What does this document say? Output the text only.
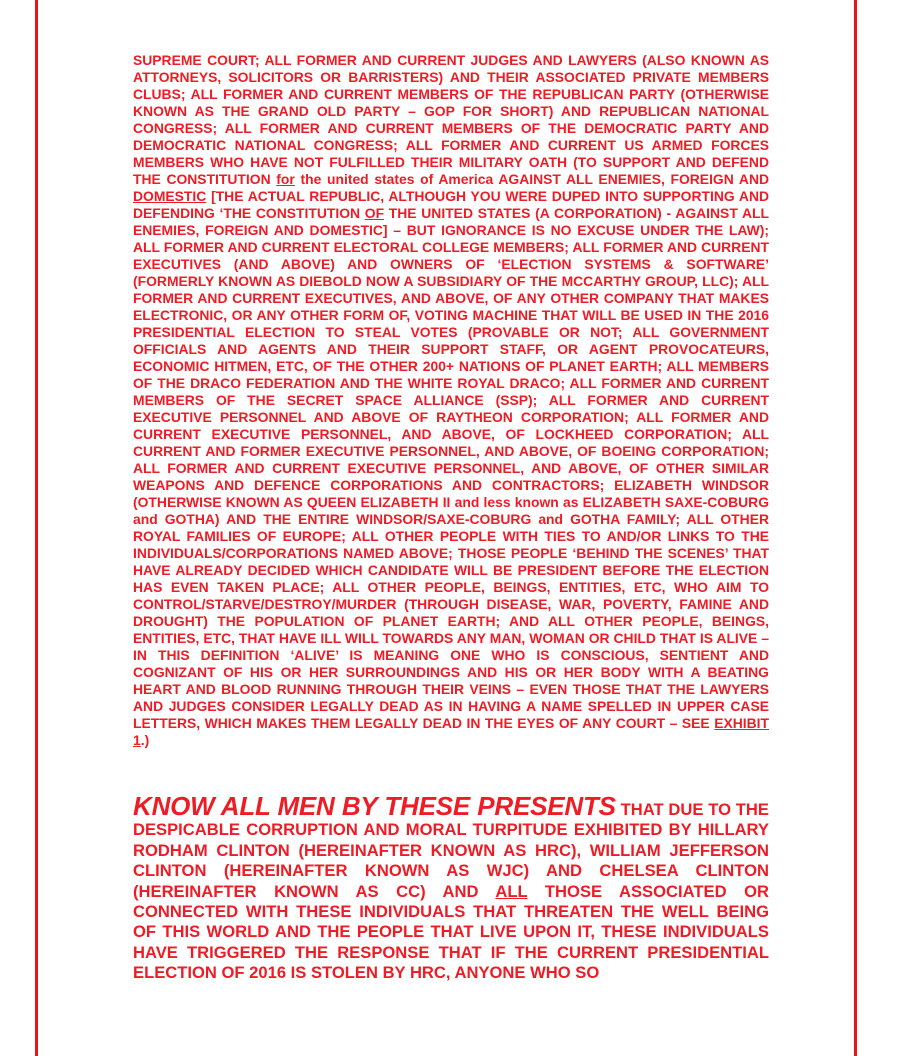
SUPREME COURT; ALL FORMER AND CURRENT JUDGES AND LAWYERS (ALSO KNOWN AS ATTORNEYS, SOLICITORS OR BARRISTERS) AND THEIR ASSOCIATED PRIVATE MEMBERS CLUBS; ALL FORMER AND CURRENT MEMBERS OF THE REPUBLICAN PARTY (OTHERWISE KNOWN AS THE GRAND OLD PARTY – GOP FOR SHORT) AND REPUBLICAN NATIONAL CONGRESS; ALL FORMER AND CURRENT MEMBERS OF THE DEMOCRATIC PARTY AND DEMOCRATIC NATIONAL CONGRESS; ALL FORMER AND CURRENT US ARMED FORCES MEMBERS WHO HAVE NOT FULFILLED THEIR MILITARY OATH (TO SUPPORT AND DEFEND THE CONSTITUTION for the united states of America AGAINST ALL ENEMIES, FOREIGN AND DOMESTIC [THE ACTUAL REPUBLIC, ALTHOUGH YOU WERE DUPED INTO SUPPORTING AND DEFENDING ‘THE CONSTITUTION OF THE UNITED STATES (A CORPORATION) - AGAINST ALL ENEMIES, FOREIGN AND DOMESTIC] – BUT IGNORANCE IS NO EXCUSE UNDER THE LAW); ALL FORMER AND CURRENT ELECTORAL COLLEGE MEMBERS; ALL FORMER AND CURRENT EXECUTIVES (AND ABOVE) AND OWNERS OF ‘ELECTION SYSTEMS & SOFTWARE’ (FORMERLY KNOWN AS DIEBOLD NOW A SUBSIDIARY OF THE MCCARTHY GROUP, LLC); ALL FORMER AND CURRENT EXECUTIVES, AND ABOVE, OF ANY OTHER COMPANY THAT MAKES ELECTRONIC, OR ANY OTHER FORM OF, VOTING MACHINE THAT WILL BE USED IN THE 2016 PRESIDENTIAL ELECTION TO STEAL VOTES (PROVABLE OR NOT; ALL GOVERNMENT OFFICIALS AND AGENTS AND THEIR SUPPORT STAFF, OR AGENT PROVOCATEURS, ECONOMIC HITMEN, ETC, OF THE OTHER 200+ NATIONS OF PLANET EARTH; ALL MEMBERS OF THE DRACO FEDERATION AND THE WHITE ROYAL DRACO; ALL FORMER AND CURRENT MEMBERS OF THE SECRET SPACE ALLIANCE (SSP); ALL FORMER AND CURRENT EXECUTIVE PERSONNEL AND ABOVE OF RAYTHEON CORPORATION; ALL FORMER AND CURRENT EXECUTIVE PERSONNEL, AND ABOVE, OF LOCKHEED CORPORATION; ALL CURRENT AND FORMER EXECUTIVE PERSONNEL, AND ABOVE, OF BOEING CORPORATION; ALL FORMER AND CURRENT EXECUTIVE PERSONNEL, AND ABOVE, OF OTHER SIMILAR WEAPONS AND DEFENCE CORPORATIONS AND CONTRACTORS; ELIZABETH WINDSOR (OTHERWISE KNOWN AS QUEEN ELIZABETH II and less known as ELIZABETH SAXE-COBURG and GOTHA) AND THE ENTIRE WINDSOR/SAXE-COBURG and GOTHA FAMILY; ALL OTHER ROYAL FAMILIES OF EUROPE; ALL OTHER PEOPLE WITH TIES TO AND/OR LINKS TO THE INDIVIDUALS/CORPORATIONS NAMED ABOVE; THOSE PEOPLE ‘BEHIND THE SCENES’ THAT HAVE ALREADY DECIDED WHICH CANDIDATE WILL BE PRESIDENT BEFORE THE ELECTION HAS EVEN TAKEN PLACE; ALL OTHER PEOPLE, BEINGS, ENTITIES, ETC, WHO AIM TO CONTROL/STARVE/DESTROY/MURDER (THROUGH DISEASE, WAR, POVERTY, FAMINE AND DROUGHT) THE POPULATION OF PLANET EARTH; AND ALL OTHER PEOPLE, BEINGS, ENTITIES, ETC, THAT HAVE ILL WILL TOWARDS ANY MAN, WOMAN OR CHILD THAT IS ALIVE – IN THIS DEFINITION ‘ALIVE’ IS MEANING ONE WHO IS CONSCIOUS, SENTIENT AND COGNIZANT OF HIS OR HER SURROUNDINGS AND HIS OR HER BODY WITH A BEATING HEART AND BLOOD RUNNING THROUGH THEIR VEINS – EVEN THOSE THAT THE LAWYERS AND JUDGES CONSIDER LEGALLY DEAD AS IN HAVING A NAME SPELLED IN UPPER CASE LETTERS, WHICH MAKES THEM LEGALLY DEAD IN THE EYES OF ANY COURT – SEE EXHIBIT 1.)

KNOW ALL MEN BY THESE PRESENTS THAT DUE TO THE DESPICABLE CORRUPTION AND MORAL TURPITUDE EXHIBITED BY HILLARY RODHAM CLINTON (HEREINAFTER KNOWN AS HRC), WILLIAM JEFFERSON CLINTON (HEREINAFTER KNOWN AS WJC) AND CHELSEA CLINTON (HEREINAFTER KNOWN AS CC) AND ALL THOSE ASSOCIATED OR CONNECTED WITH THESE INDIVIDUALS THAT THREATEN THE WELL BEING OF THIS WORLD AND THE PEOPLE THAT LIVE UPON IT, THESE INDIVIDUALS HAVE TRIGGERED THE RESPONSE THAT IF THE CURRENT PRESIDENTIAL ELECTION OF 2016 IS STOLEN BY HRC, ANYONE WHO SO
